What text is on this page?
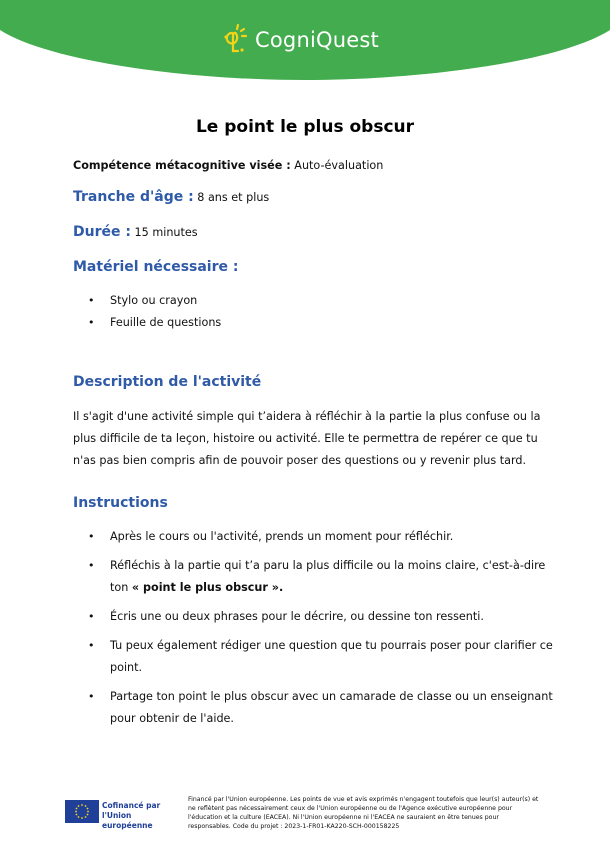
CogniQuest
Le point le plus obscur
Compétence métacognitive visée : Auto-évaluation
Tranche d'âge : 8 ans et plus
Durée : 15 minutes
Matériel nécessaire :
• Stylo ou crayon
• Feuille de questions
Description de l'activité
Il s'agit d'une activité simple qui t’aidera à réfléchir à la partie la plus confuse ou la plus difficile de ta leçon, histoire ou activité. Elle te permettra de repérer ce que tu n'as pas bien compris afin de pouvoir poser des questions ou y revenir plus tard.
Instructions
• Après le cours ou l'activité, prends un moment pour réfléchir.
• Réfléchis à la partie qui t’a paru la plus difficile ou la moins claire, c'est-à-dire ton « point le plus obscur ».
• Écris une ou deux phrases pour le décrire, ou dessine ton ressenti.
• Tu peux également rédiger une question que tu pourrais poser pour clarifier ce point.
• Partage ton point le plus obscur avec un camarade de classe ou un enseignant pour obtenir de l'aide.
Cofinancé par l'Union européenne
Financé par l'Union européenne. Les points de vue et avis exprimés n'engagent toutefois que leur(s) auteur(s) et ne reflètent pas nécessairement ceux de l'Union européenne ou de l'Agence exécutive européenne pour l'éducation et la culture (EACEA). Ni l'Union européenne ni l'EACEA ne sauraient en être tenues pour responsables. Code du projet : 2023-1-FR01-KA220-SCH-000158225
